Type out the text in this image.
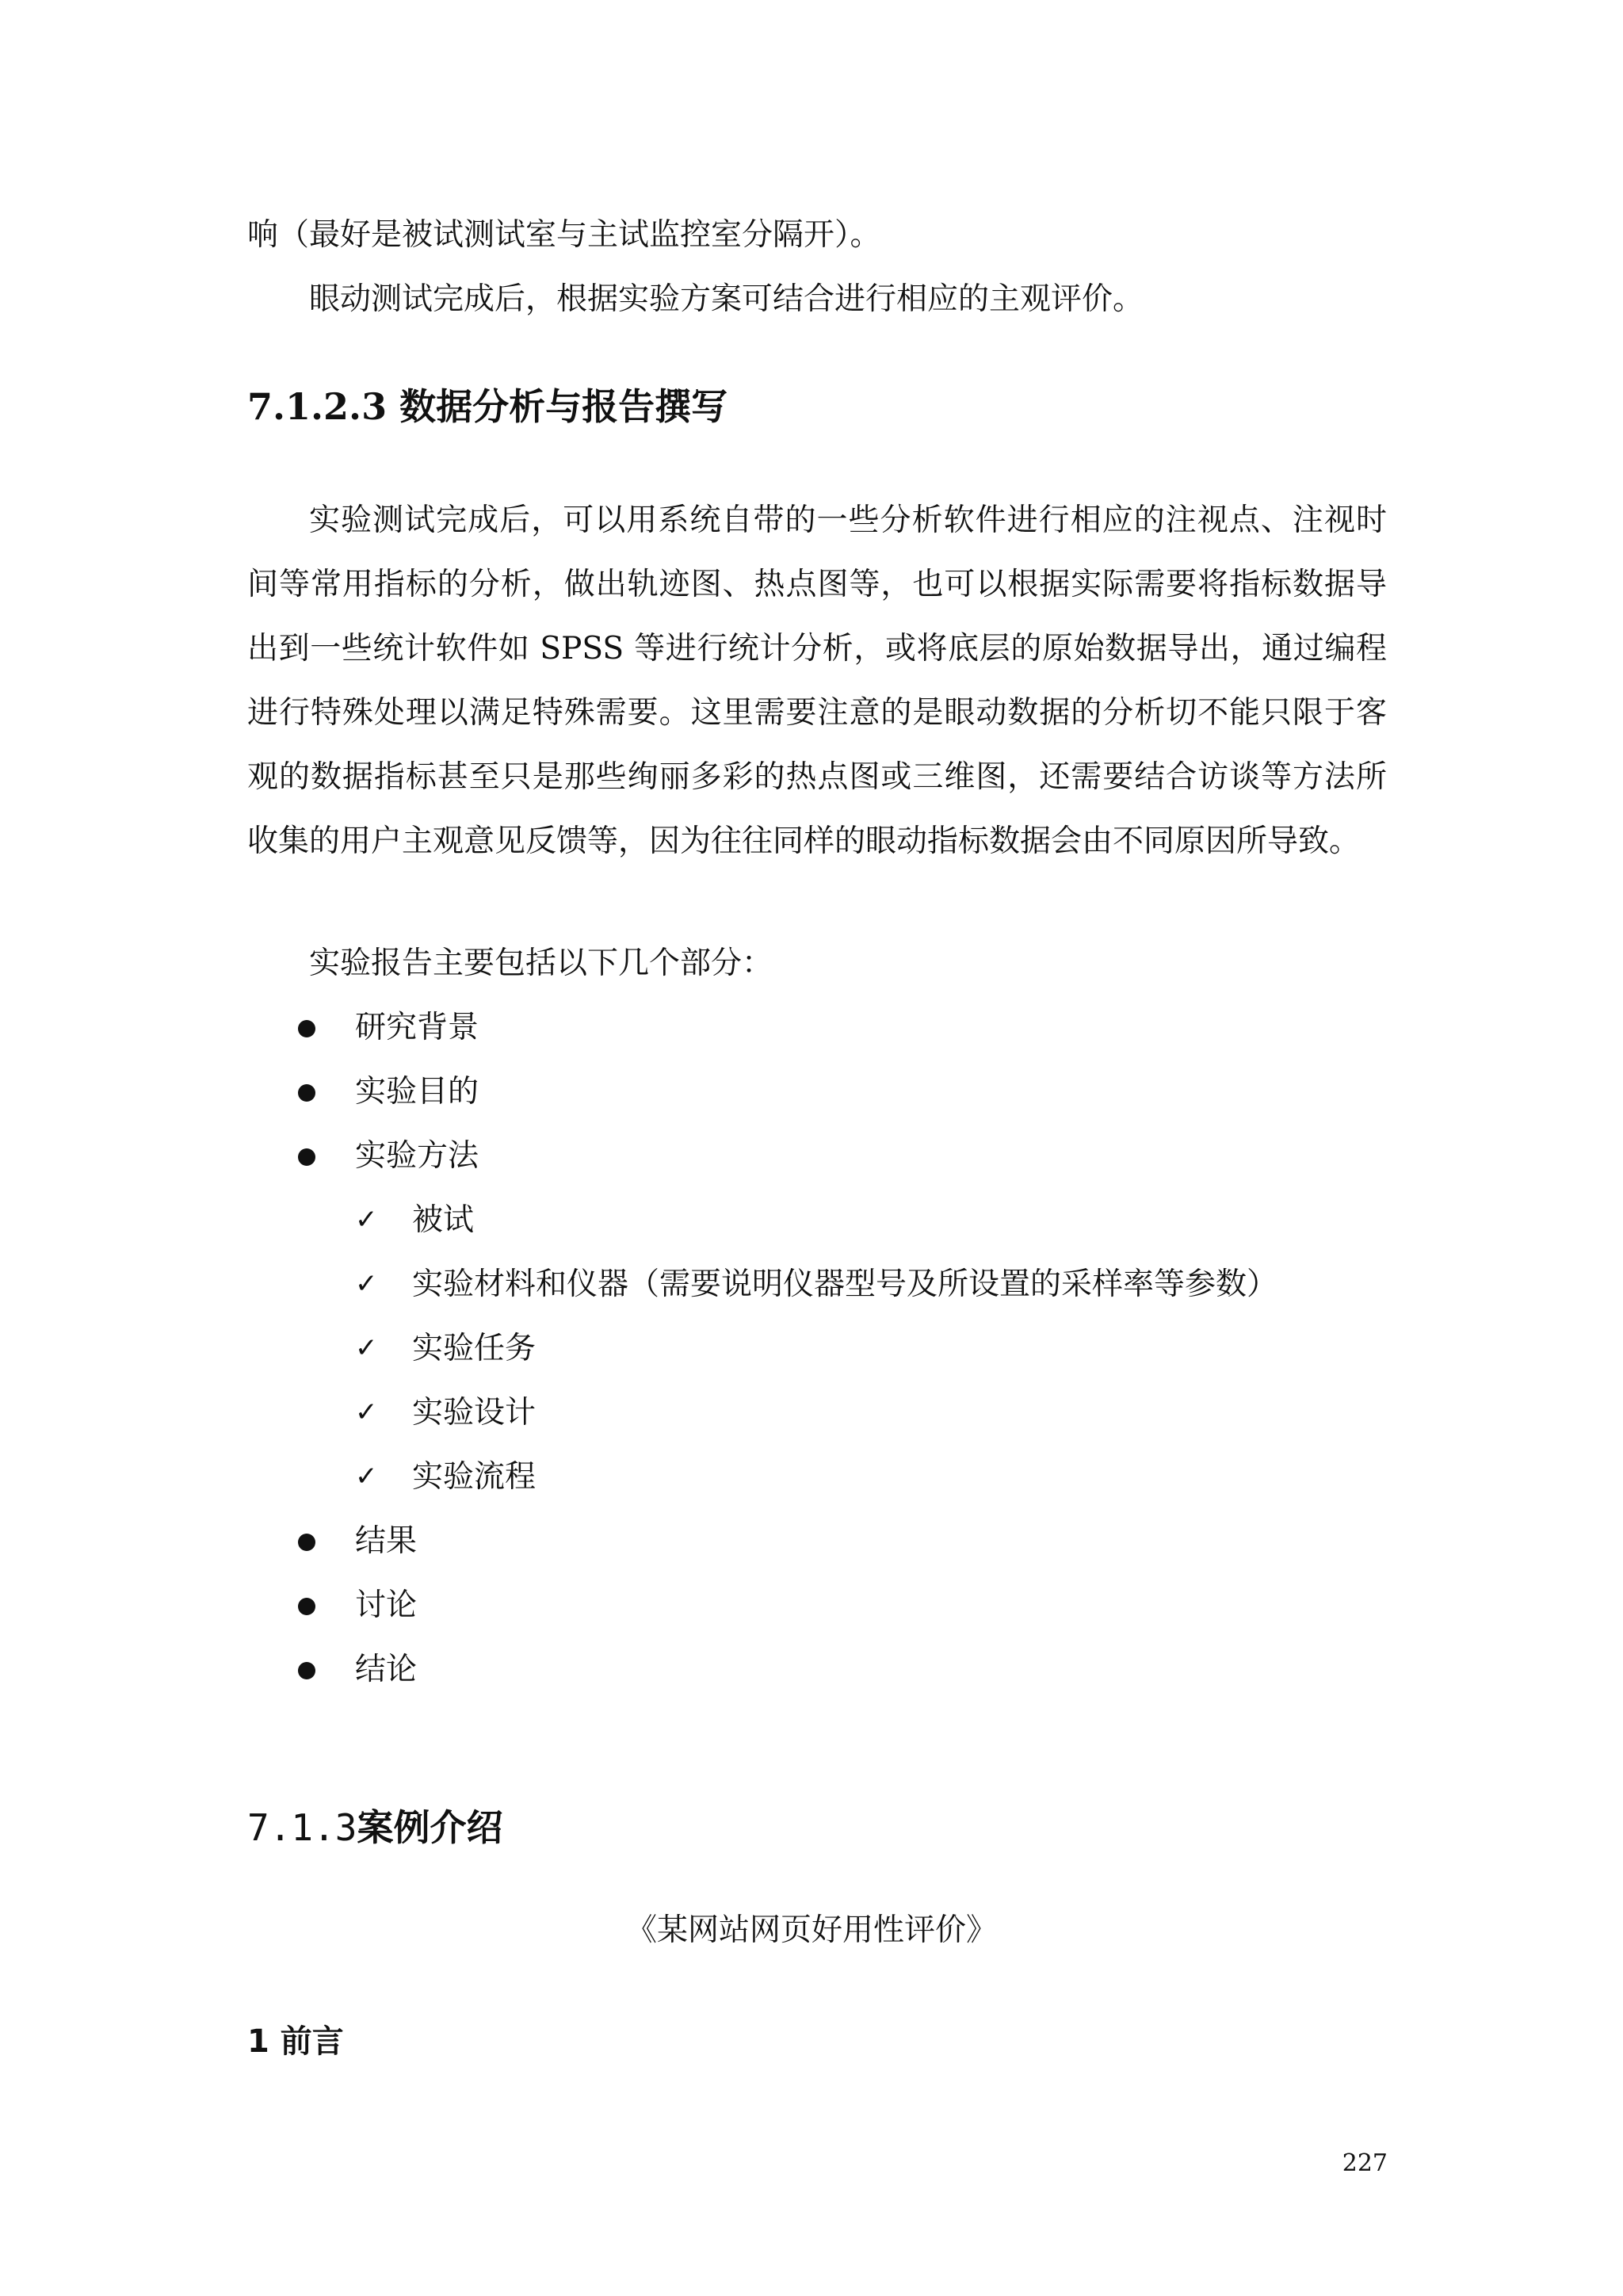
响（最好是被试测试室与主试监控室分隔开）。

眼动测试完成后，根据实验方案可结合进行相应的主观评价。

7.1.2.3 数据分析与报告撰写

实验测试完成后，可以用系统自带的一些分析软件进行相应的注视点、注视时间等常用指标的分析，做出轨迹图、热点图等，也可以根据实际需要将指标数据导出到一些统计软件如 SPSS 等进行统计分析，或将底层的原始数据导出，通过编程进行特殊处理以满足特殊需要。这里需要注意的是眼动数据的分析切不能只限于客观的数据指标甚至只是那些绚丽多彩的热点图或三维图，还需要结合访谈等方法所收集的用户主观意见反馈等，因为往往同样的眼动指标数据会由不同原因所导致。

实验报告主要包括以下几个部分：

研究背景
实验目的
实验方法
✓ 被试
✓ 实验材料和仪器（需要说明仪器型号及所设置的采样率等参数）
✓ 实验任务
✓ 实验设计
✓ 实验流程
结果
讨论
结论
7.1.3案例介绍

《某网站网页好用性评价》

1 前言

227
